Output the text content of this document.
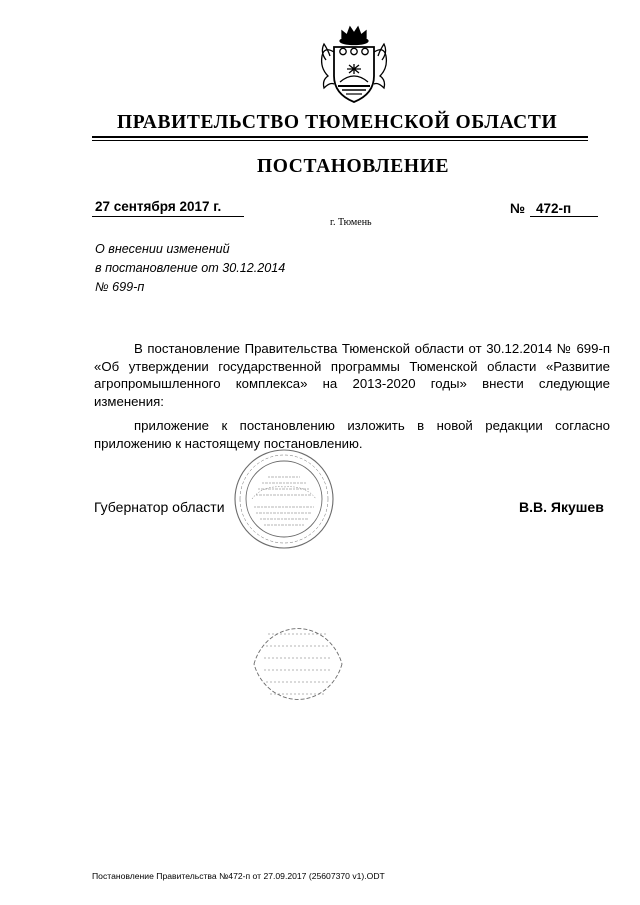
ПРАВИТЕЛЬСТВО ТЮМЕНСКОЙ ОБЛАСТИ
ПОСТАНОВЛЕНИЕ
27 сентября 2017 г.	№ 472-п
г. Тюмень
О внесении изменений
в постановление от 30.12.2014
№ 699-п

В постановление Правительства Тюменской области от 30.12.2014 № 699-п «Об утверждении государственной программы Тюменской области «Развитие агропромышленного комплекса» на 2013-2020 годы» внести следующие изменения:

приложение к постановлению изложить в новой редакции согласно приложению к настоящему постановлению.

Губернатор области	В.В. Якушев
Постановление Правительства №472-п от 27.09.2017 (25607370 v1).ODT
